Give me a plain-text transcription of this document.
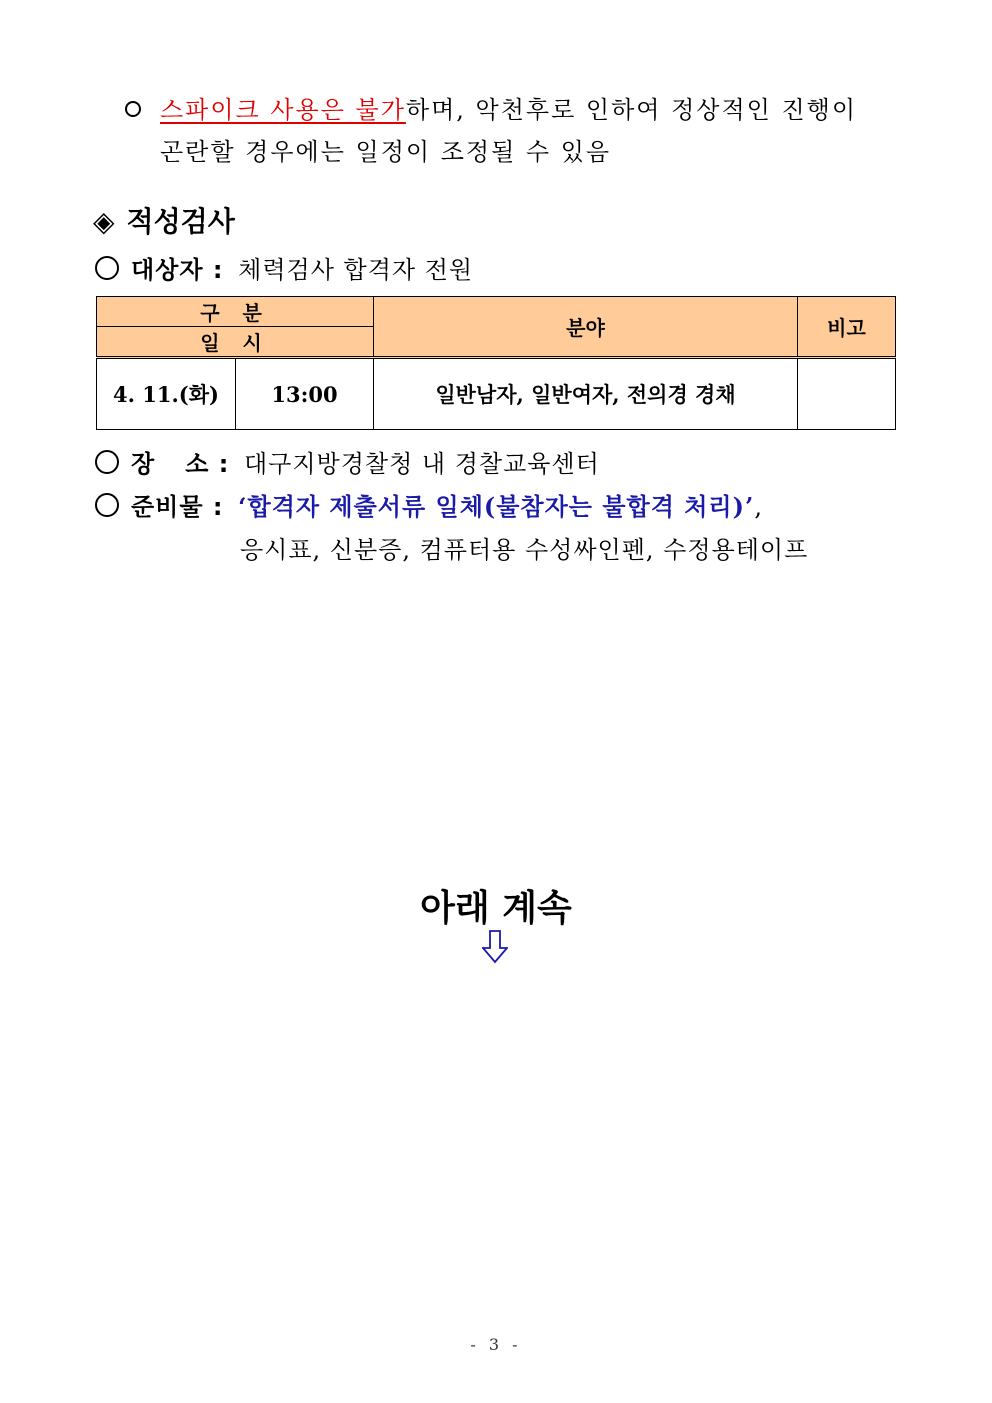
스파이크 사용은 불가하며, 악천후로 인하여 정상적인 진행이
곤란할 경우에는 일정이 조정될 수 있음
◈ 적성검사
대상자 : 체력검사 합격자 전원
구 분		분야	비고
일 시			
4. 11.(화)	13:00	일반남자, 일반여자, 전의경 경채	
장 소 : 대구지방경찰청 내 경찰교육센터
준비물 : ‘합격자 제출서류 일체(불참자는 불합격 처리)’,
응시표, 신분증, 컴퓨터용 수성싸인펜, 수정용테이프
아래 계속
- 3 -
